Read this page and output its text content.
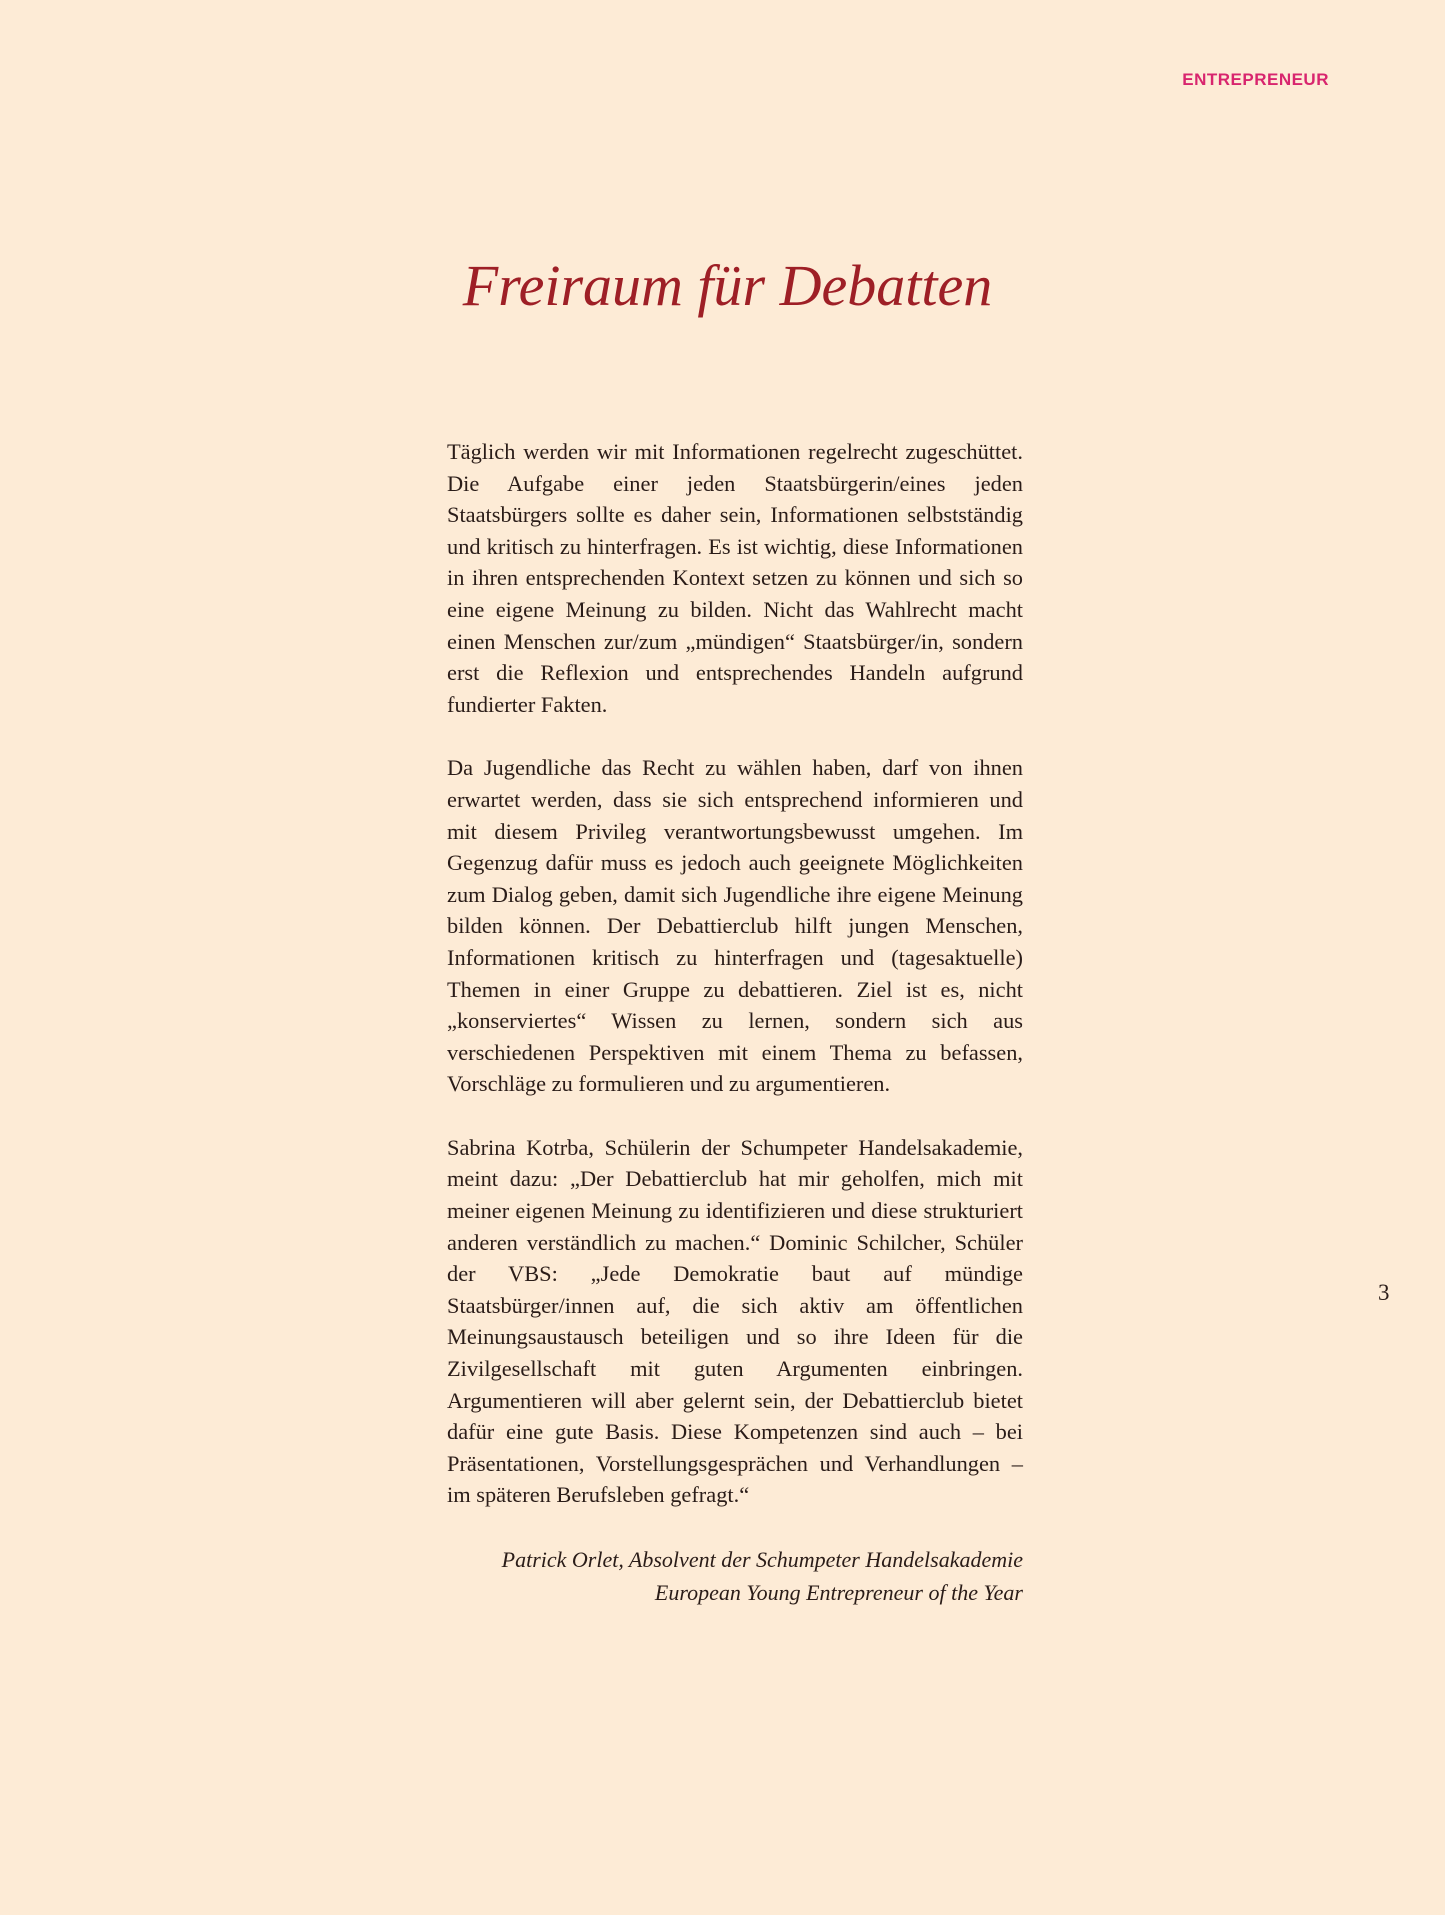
ENTREPRENEUR
Freiraum für Debatten

Täglich werden wir mit Informationen regelrecht zugeschüttet. Die Aufgabe einer jeden Staatsbürgerin/eines jeden Staatsbürgers sollte es daher sein, Informationen selbstständig und kritisch zu hinterfragen. Es ist wichtig, diese Informationen in ihren entsprechenden Kontext setzen zu können und sich so eine eigene Meinung zu bilden. Nicht das Wahlrecht macht einen Menschen zur/zum „mündigen“ Staatsbürger/in, sondern erst die Reflexion und entsprechendes Handeln aufgrund fundierter Fakten.

Da Jugendliche das Recht zu wählen haben, darf von ihnen erwartet werden, dass sie sich entsprechend informieren und mit diesem Privileg verantwortungsbewusst umgehen. Im Gegenzug dafür muss es jedoch auch geeignete Möglichkeiten zum Dialog geben, damit sich Jugendliche ihre eigene Meinung bilden können. Der Debattierclub hilft jungen Menschen, Informationen kritisch zu hinterfragen und (tagesaktuelle) Themen in einer Gruppe zu debattieren. Ziel ist es, nicht „konserviertes“ Wissen zu lernen, sondern sich aus verschiedenen Perspektiven mit einem Thema zu befassen, Vorschläge zu formulieren und zu argumentieren.

Sabrina Kotrba, Schülerin der Schumpeter Handelsakademie, meint dazu: „Der Debattierclub hat mir geholfen, mich mit meiner eigenen Meinung zu identifizieren und diese strukturiert anderen verständlich zu machen.“ Dominic Schilcher, Schüler der VBS: „Jede Demokratie baut auf mündige Staatsbürger/innen auf, die sich aktiv am öffentlichen Meinungsaustausch beteiligen und so ihre Ideen für die Zivilgesellschaft mit guten Argumenten einbringen. Argumentieren will aber gelernt sein, der Debattierclub bietet dafür eine gute Basis. Diese Kompetenzen sind auch – bei Präsentationen, Vorstellungsgesprächen und Verhandlungen – im späteren Berufsleben gefragt.“

Patrick Orlet, Absolvent der Schumpeter Handelsakademie
European Young Entrepreneur of the Year
3
